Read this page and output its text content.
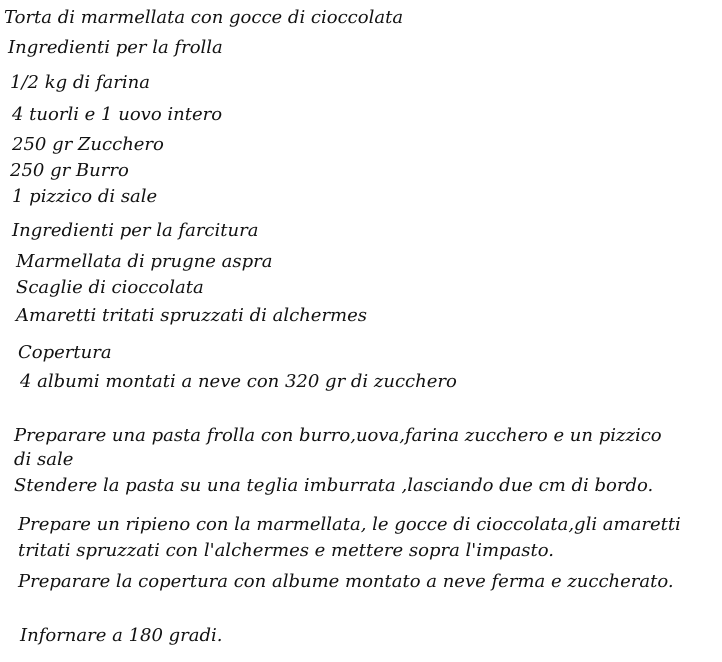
Torta di marmellata con gocce di cioccolata
Ingredienti per la frolla
1/2 kg di farina
4 tuorli e 1 uovo intero
250 gr Zucchero
250 gr Burro
1 pizzico di sale
Ingredienti per la farcitura
Marmellata di prugne aspra
Scaglie di cioccolata
Amaretti tritati spruzzati di alchermes
Copertura
4 albumi montati a neve con 320 gr di zucchero
Preparare una pasta frolla con burro,uova,farina zucchero e un pizzico di sale
Stendere la pasta su una teglia imburrata ,lasciando due cm di bordo.
Prepare un ripieno con la marmellata, le gocce di cioccolata,gli amaretti tritati spruzzati con l'alchermes e mettere sopra l'impasto.
Preparare la copertura con albume montato a neve ferma e zuccherato.
Infornare a 180 gradi.
